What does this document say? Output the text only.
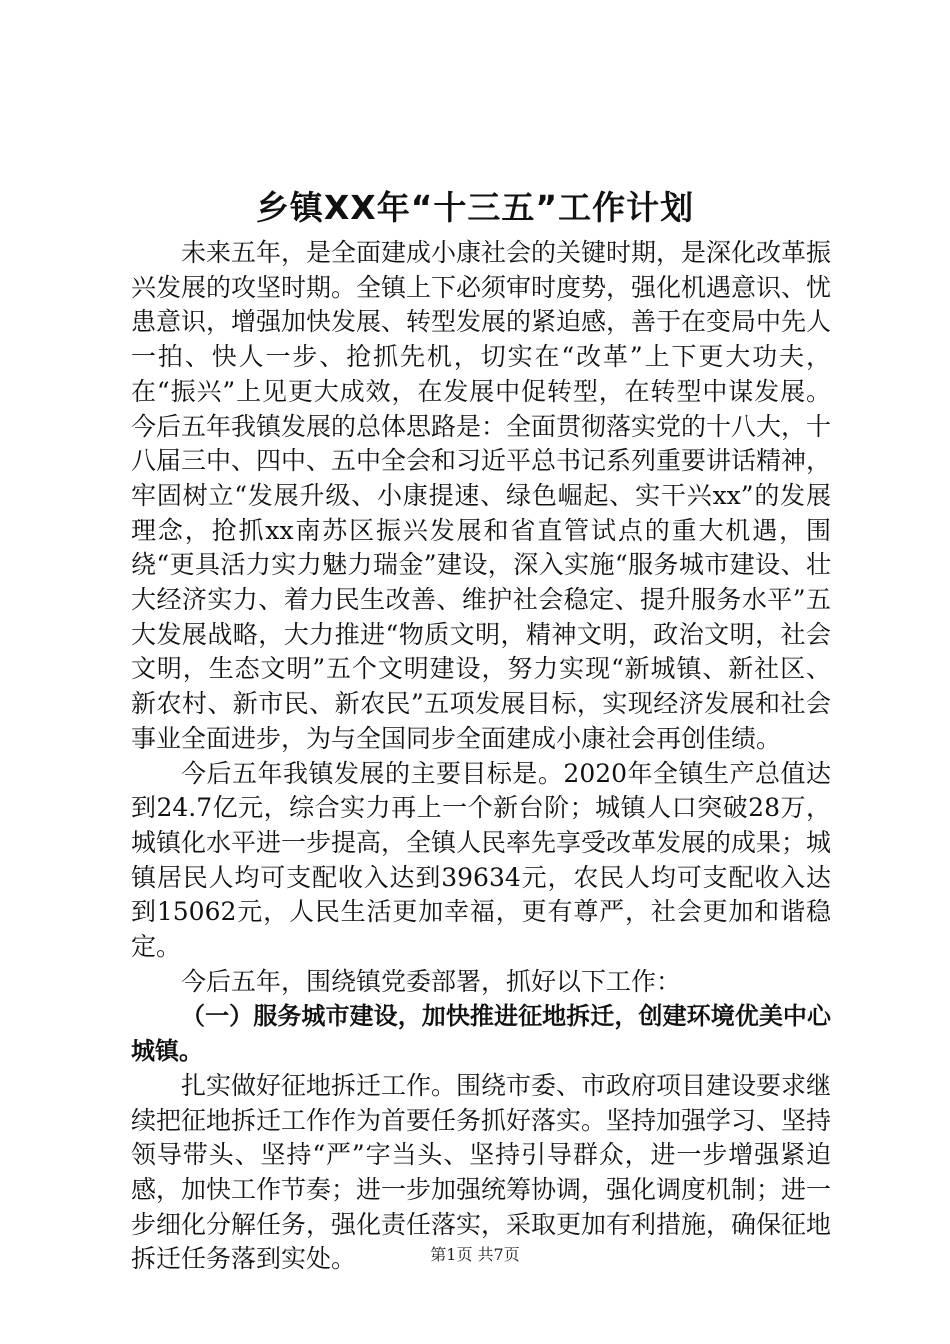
乡镇XX年“十三五”工作计划

未来五年，是全面建成小康社会的关键时期，是深化改革振兴发展的攻坚时期。全镇上下必须审时度势，强化机遇意识、忧患意识，增强加快发展、转型发展的紧迫感，善于在变局中先人一拍、快人一步、抢抓先机，切实在“改革”上下更大功夫，在“振兴”上见更大成效，在发展中促转型，在转型中谋发展。今后五年我镇发展的总体思路是：全面贯彻落实党的十八大，十八届三中、四中、五中全会和习近平总书记系列重要讲话精神，牢固树立“发展升级、小康提速、绿色崛起、实干兴xx”的发展理念，抢抓xx南苏区振兴发展和省直管试点的重大机遇，围绕“更具活力实力魅力瑞金”建设，深入实施“服务城市建设、壮大经济实力、着力民生改善、维护社会稳定、提升服务水平”五大发展战略，大力推进“物质文明，精神文明，政治文明，社会文明，生态文明”五个文明建设，努力实现“新城镇、新社区、新农村、新市民、新农民”五项发展目标，实现经济发展和社会事业全面进步，为与全国同步全面建成小康社会再创佳绩。

今后五年我镇发展的主要目标是。2020年全镇生产总值达到24.7亿元，综合实力再上一个新台阶；城镇人口突破28万，城镇化水平进一步提高，全镇人民率先享受改革发展的成果；城镇居民人均可支配收入达到39634元，农民人均可支配收入达到15062元，人民生活更加幸福，更有尊严，社会更加和谐稳定。

今后五年，围绕镇党委部署，抓好以下工作：

（一）服务城市建设，加快推进征地拆迁，创建环境优美中心城镇。

扎实做好征地拆迁工作。围绕市委、市政府项目建设要求继续把征地拆迁工作作为首要任务抓好落实。坚持加强学习、坚持领导带头、坚持“严”字当头、坚持引导群众，进一步增强紧迫感，加快工作节奏；进一步加强统筹协调，强化调度机制；进一步细化分解任务，强化责任落实，采取更加有利措施，确保征地拆迁任务落到实处。	第1页 共7页
